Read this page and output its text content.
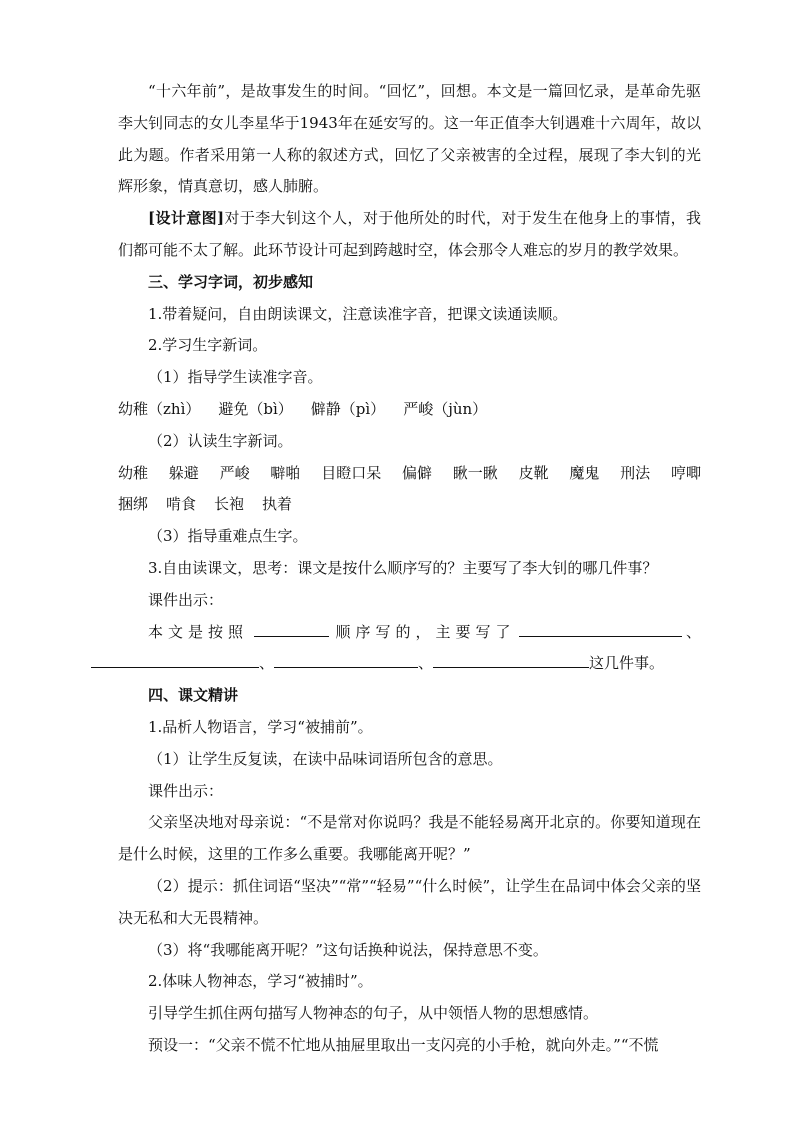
“十六年前”，是故事发生的时间。“回忆”，回想。本文是一篇回忆录，是革命先驱李大钊同志的女儿李星华于1943年在延安写的。这一年正值李大钊遇难十六周年，故以此为题。作者采用第一人称的叙述方式，回忆了父亲被害的全过程，展现了李大钊的光辉形象，情真意切，感人肺腑。

[设计意图]对于李大钊这个人，对于他所处的时代，对于发生在他身上的事情，我们都可能不太了解。此环节设计可起到跨越时空，体会那令人难忘的岁月的教学效果。

三、学习字词，初步感知

1.带着疑问，自由朗读课文，注意读准字音，把课文读通读顺。

2.学习生字新词。

（1）指导学生读准字音。

幼稚（zhì） 避免（bì） 僻静（pì） 严峻（jùn）

（2）认读生字新词。

幼稚 躲避 严峻 噼啪 目瞪口呆 偏僻 瞅一瞅 皮靴 魔鬼 刑法 哼唧

捆绑 啃食 长袍 执着

（3）指导重难点生字。

3.自由读课文，思考：课文是按什么顺序写的？主要写了李大钊的哪几件事？

课件出示：

本文是按照	顺序写的，主要写了	、

、	、	这几件事。

四、课文精讲

1.品析人物语言，学习“被捕前”。

（1）让学生反复读，在读中品味词语所包含的意思。

课件出示：

父亲坚决地对母亲说：“不是常对你说吗？我是不能轻易离开北京的。你要知道现在是什么时候，这里的工作多么重要。我哪能离开呢？”

（2）提示：抓住词语“坚决”“常”“轻易”“什么时候”，让学生在品词中体会父亲的坚决无私和大无畏精神。

（3）将“我哪能离开呢？”这句话换种说法，保持意思不变。

2.体味人物神态，学习“被捕时”。

引导学生抓住两句描写人物神态的句子，从中领悟人物的思想感情。

预设一：“父亲不慌不忙地从抽屉里取出一支闪亮的小手枪，就向外走。”“不慌
